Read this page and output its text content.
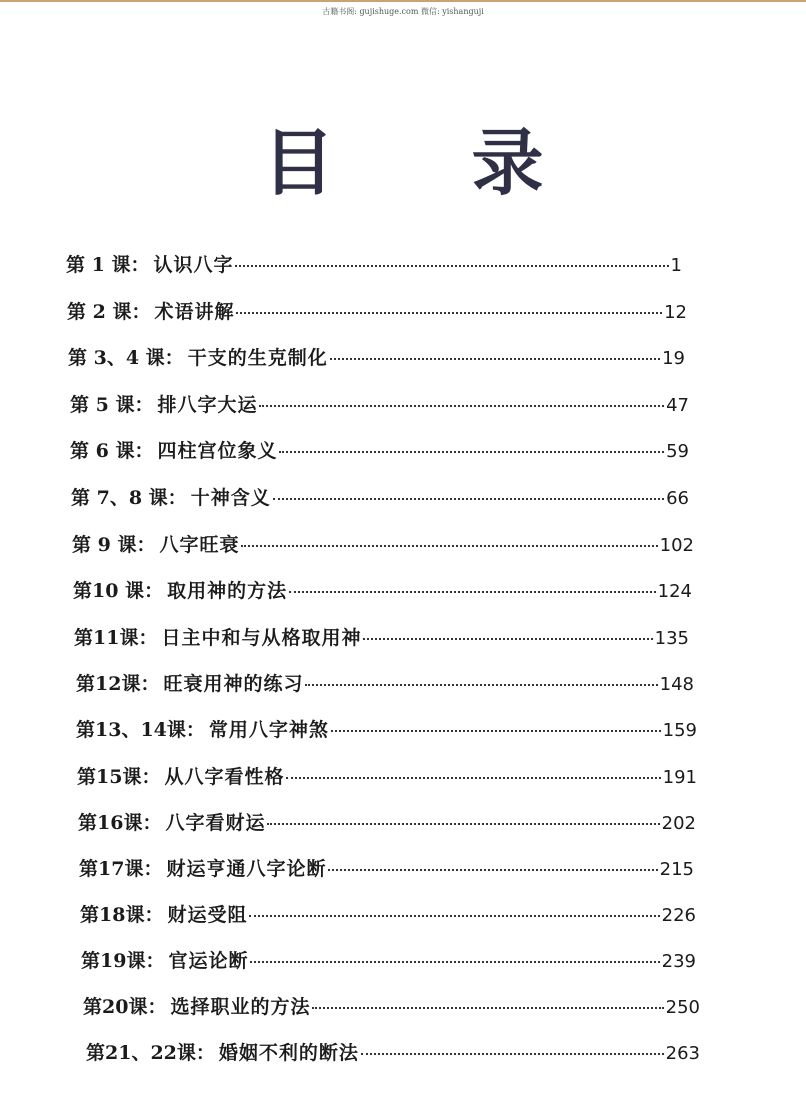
古籍书阁: gujishuge.com 微信: yishanguji
目 录
第 1 课 ： 认识八字	1
第 2 课 ： 术语讲解	12
第 3、4 课 ： 干支的生克制化	19
第 5 课 ： 排八字大运	47
第 6 课 ： 四柱宫位象义	59
第 7、8 课 ： 十神含义	66
第 9 课 ： 八字旺衰	102
第10 课 ： 取用神的方法	124
第11课 ： 日主中和与从格取用神	135
第12课 ： 旺衰用神的练习	148
第13、14课 ： 常用八字神煞	159
第15课 ： 从八字看性格	191
第16课 ： 八字看财运	202
第17课 ： 财运亨通八字论断	215
第18课 ： 财运受阻	226
第19课 ： 官运论断	239
第20课 ： 选择职业的方法	250
第21、22课 ： 婚姻不利的断法	263
